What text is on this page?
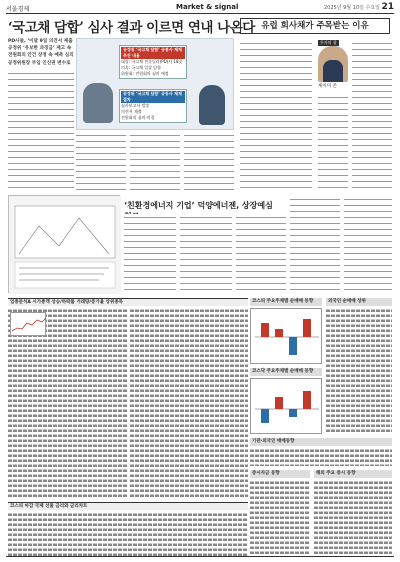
서울경제	Market & signal	2025년 9월 10일 수요일 21
‘국고채 담합’ 심사 결과 이르면 연내 나온다
PD사들, ‘이달 9일 의견서 제출
공정위 ‘유보한 과징금’ 제고 속
전원회의 안건 상정 속 예측 심의
공정위원장 부임 인신권 변수로
공정위 ‘국고채 담합’ 공통사 제재 추진 내용
대상: 국고채 전문딜러(PD)사 18곳
의혹: 국고채 입찰 담합
위원회: 전원회의 심의 예정
공정위 ‘국고채 담합’ 공동사 제재 절차
심사보고서 발송
의견서 제출
전원회의 심의·의결
유럽 회사채가 주목받는 이유
투자의 창
제이미 존
‘친환경에너지 기업’ 덕양에너젠, 상장예심
업종분석A 시가총액 상승/하락률 거래량/증가율 상위종목	코스피 주요주체별 순매매 동향
코스닥 주요주체별 순매매 동향
외국인 순매매 상위
기관·외국인 매매동향
증시자금 동향	해외 주요 증시 동향
코스피 마감 국제 선물 금리와 금리차트
